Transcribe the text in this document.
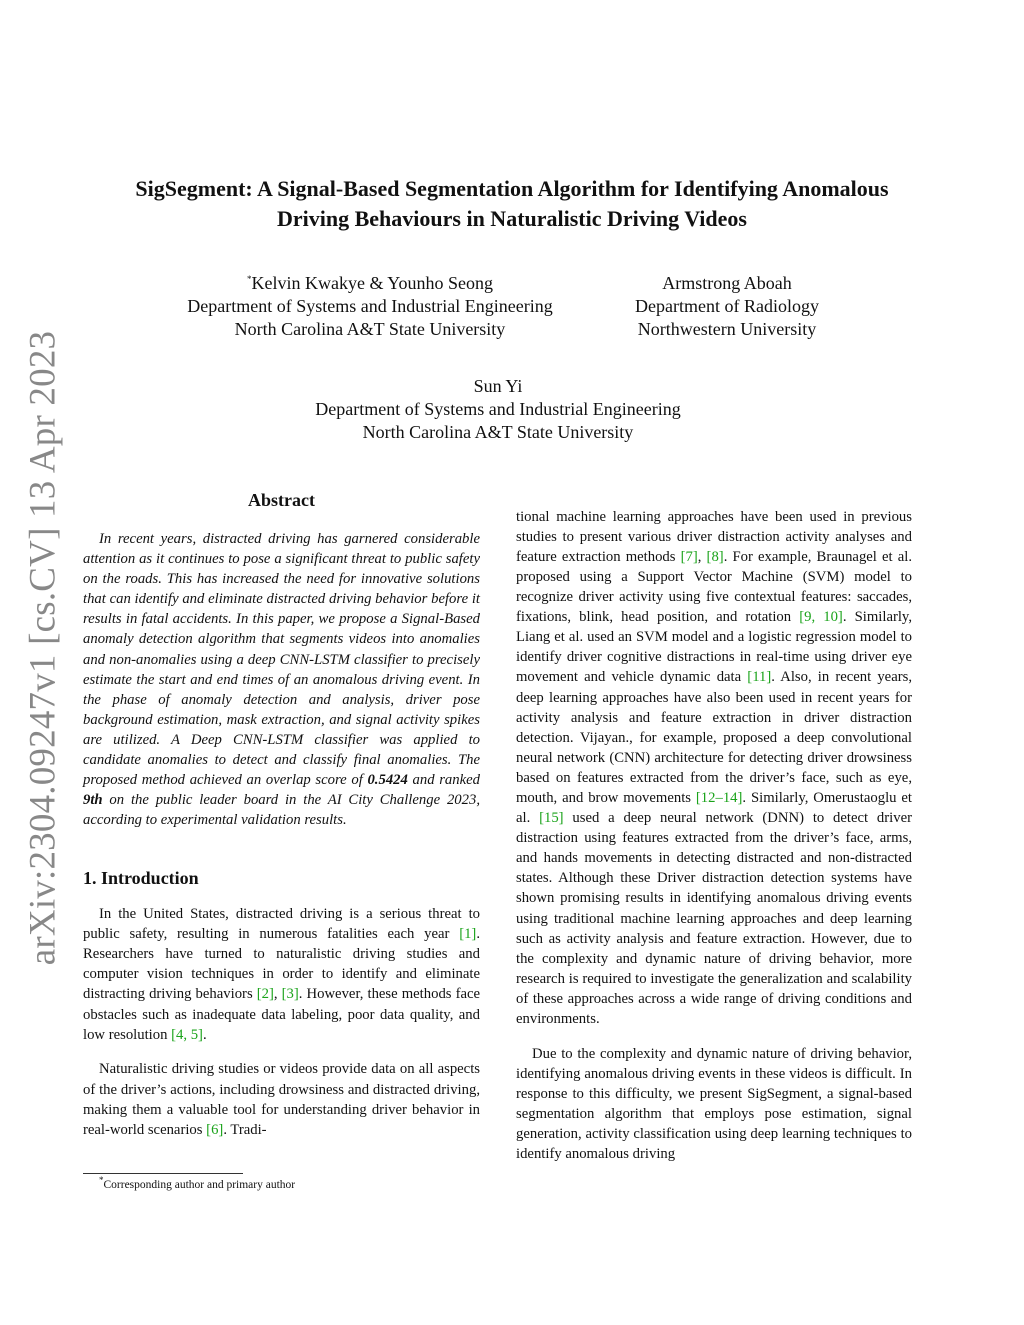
arXiv:2304.09247v1 [cs.CV] 13 Apr 2023
SigSegment: A Signal-Based Segmentation Algorithm for Identifying Anomalous
Driving Behaviours in Naturalistic Driving Videos
*Kelvin Kwakye & Younho Seong
Department of Systems and Industrial Engineering
North Carolina A&T State University
Armstrong Aboah
Department of Radiology
Northwestern University
Sun Yi
Department of Systems and Industrial Engineering
North Carolina A&T State University
Abstract

In recent years, distracted driving has garnered considerable attention as it continues to pose a significant threat to public safety on the roads. This has increased the need for innovative solutions that can identify and eliminate distracted driving behavior before it results in fatal accidents. In this paper, we propose a Signal-Based anomaly detection algorithm that segments videos into anomalies and non-anomalies using a deep CNN-LSTM classifier to precisely estimate the start and end times of an anomalous driving event. In the phase of anomaly detection and analysis, driver pose background estimation, mask extraction, and signal activity spikes are utilized. A Deep CNN-LSTM classifier was applied to candidate anomalies to detect and classify final anomalies. The proposed method achieved an overlap score of 0.5424 and ranked 9th on the public leader board in the AI City Challenge 2023, according to experimental validation results.

1. Introduction

In the United States, distracted driving is a serious threat to public safety, resulting in numerous fatalities each year [1]. Researchers have turned to naturalistic driving studies and computer vision techniques in order to identify and eliminate distracting driving behaviors [2], [3]. However, these methods face obstacles such as inadequate data labeling, poor data quality, and low resolution [4, 5].

Naturalistic driving studies or videos provide data on all aspects of the driver’s actions, including drowsiness and distracted driving, making them a valuable tool for understanding driver behavior in real-world scenarios [6]. Tradi-

*Corresponding author and primary author

tional machine learning approaches have been used in previous studies to present various driver distraction activity analyses and feature extraction methods [7], [8]. For example, Braunagel et al. proposed using a Support Vector Machine (SVM) model to recognize driver activity using five contextual features: saccades, fixations, blink, head position, and rotation [9, 10]. Similarly, Liang et al. used an SVM model and a logistic regression model to identify driver cognitive distractions in real-time using driver eye movement and vehicle dynamic data [11]. Also, in recent years, deep learning approaches have also been used in recent years for activity analysis and feature extraction in driver distraction detection. Vijayan., for example, proposed a deep convolutional neural network (CNN) architecture for detecting driver drowsiness based on features extracted from the driver’s face, such as eye, mouth, and brow movements [12–14]. Similarly, Omerustaoglu et al. [15] used a deep neural network (DNN) to detect driver distraction using features extracted from the driver’s face, arms, and hands movements in detecting distracted and non-distracted states. Although these Driver distraction detection systems have shown promising results in identifying anomalous driving events using traditional machine learning approaches and deep learning such as activity analysis and feature extraction. However, due to the complexity and dynamic nature of driving behavior, more research is required to investigate the generalization and scalability of these approaches across a wide range of driving conditions and environments.

Due to the complexity and dynamic nature of driving behavior, identifying anomalous driving events in these videos is difficult. In response to this difficulty, we present SigSegment, a signal-based segmentation algorithm that employs pose estimation, signal generation, activity classification using deep learning techniques to identify anomalous driving
